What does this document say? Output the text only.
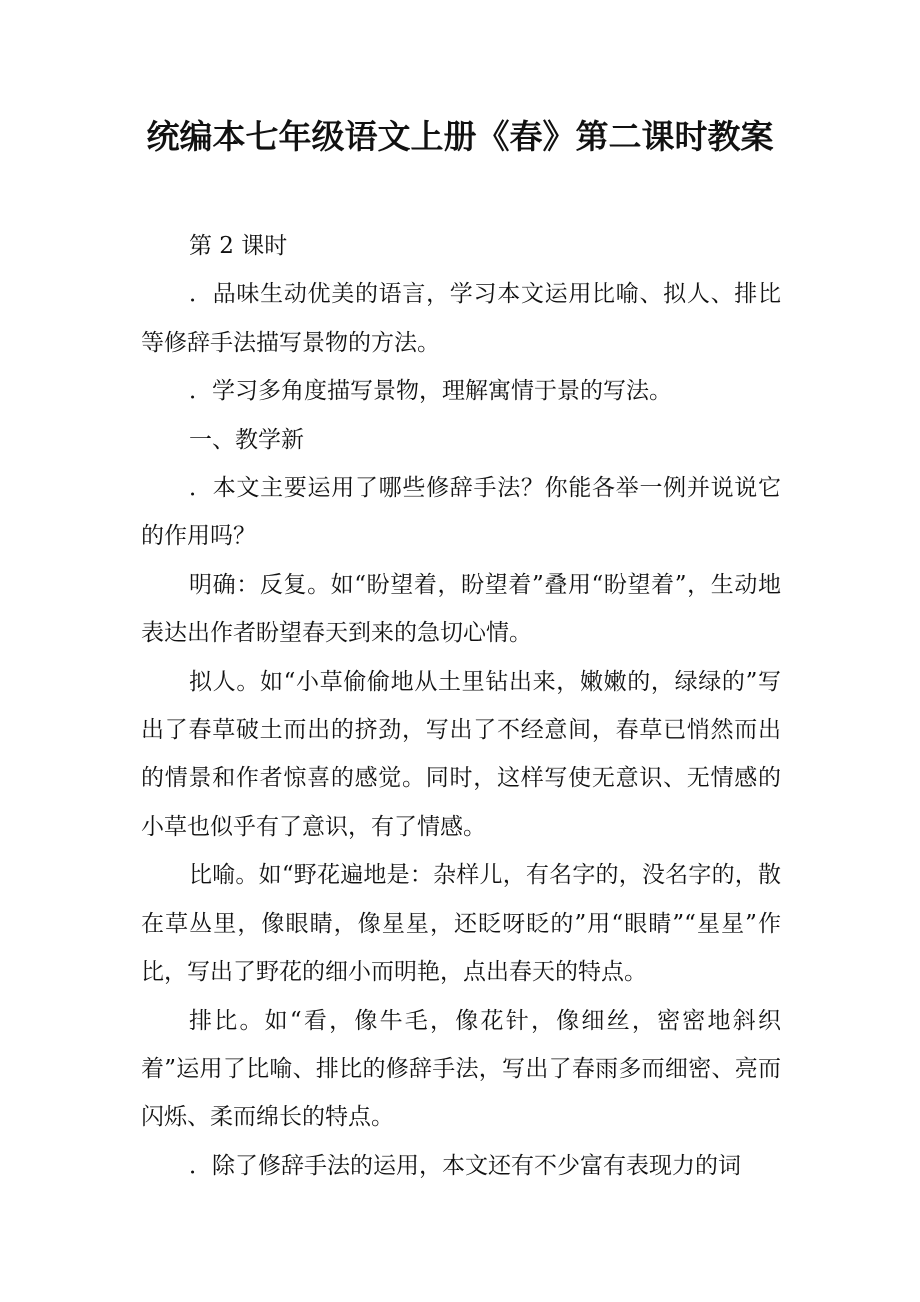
统编本七年级语文上册《春》第二课时教案

第 2 课时

．品味生动优美的语言，学习本文运用比喻、拟人、排比等修辞手法描写景物的方法。

．学习多角度描写景物，理解寓情于景的写法。

一、教学新

．本文主要运用了哪些修辞手法？你能各举一例并说说它的作用吗？

明确：反复。如“盼望着，盼望着”叠用“盼望着”，生动地表达出作者盼望春天到来的急切心情。

拟人。如“小草偷偷地从土里钻出来，嫩嫩的，绿绿的”写出了春草破土而出的挤劲，写出了不经意间，春草已悄然而出的情景和作者惊喜的感觉。同时，这样写使无意识、无情感的小草也似乎有了意识，有了情感。

比喻。如“野花遍地是：杂样儿，有名字的，没名字的，散在草丛里，像眼睛，像星星，还眨呀眨的”用“眼睛”“星星”作比，写出了野花的细小而明艳，点出春天的特点。

排比。如“看，像牛毛，像花针，像细丝，密密地斜织着”运用了比喻、排比的修辞手法，写出了春雨多而细密、亮而闪烁、柔而绵长的特点。

．除了修辞手法的运用，本文还有不少富有表现力的词
